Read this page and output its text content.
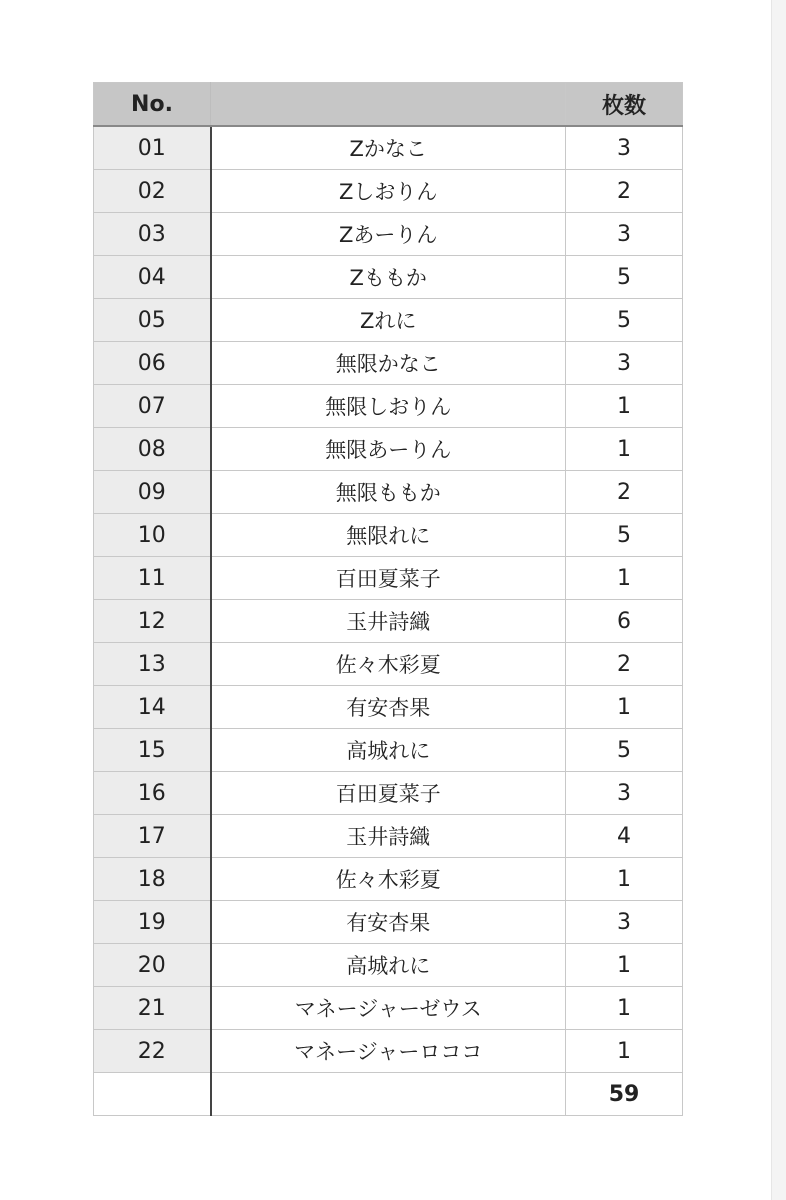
No.		枚数
01	Zかなこ	3
02	Zしおりん	2
03	Zあーりん	3
04	Zももか	5
05	Zれに	5
06	無限かなこ	3
07	無限しおりん	1
08	無限あーりん	1
09	無限ももか	2
10	無限れに	5
11	百田夏菜子	1
12	玉井詩織	6
13	佐々木彩夏	2
14	有安杏果	1
15	高城れに	5
16	百田夏菜子	3
17	玉井詩織	4
18	佐々木彩夏	1
19	有安杏果	3
20	高城れに	1
21	マネージャーゼウス	1
22	マネージャーロココ	1
		59
